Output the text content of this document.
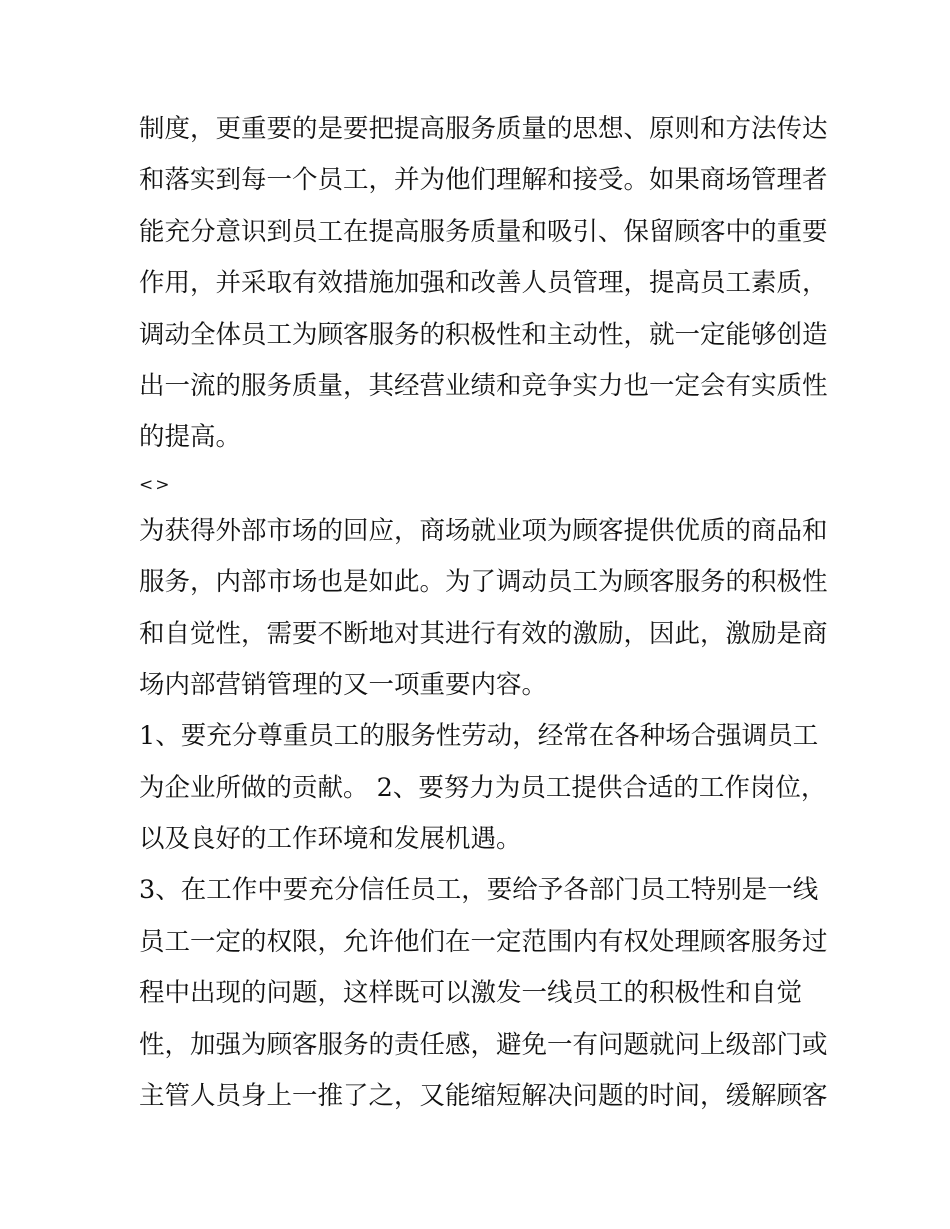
制度，更重要的是要把提高服务质量的思想、原则和方法传达
和落实到每一个员工，并为他们理解和接受。如果商场管理者
能充分意识到员工在提高服务质量和吸引、保留顾客中的重要
作用，并采取有效措施加强和改善人员管理，提高员工素质，
调动全体员工为顾客服务的积极性和主动性，就一定能够创造
出一流的服务质量，其经营业绩和竞争实力也一定会有实质性
的提高。
<>
为获得外部市场的回应，商场就业项为顾客提供优质的商品和
服务，内部市场也是如此。为了调动员工为顾客服务的积极性
和自觉性，需要不断地对其进行有效的激励，因此，激励是商
场内部营销管理的又一项重要内容。
1、要充分尊重员工的服务性劳动，经常在各种场合强调员工
为企业所做的贡献。 2、要努力为员工提供合适的工作岗位，
以及良好的工作环境和发展机遇。
3、在工作中要充分信任员工，要给予各部门员工特别是一线
员工一定的权限，允许他们在一定范围内有权处理顾客服务过
程中出现的问题，这样既可以激发一线员工的积极性和自觉
性，加强为顾客服务的责任感，避免一有问题就问上级部门或
主管人员身上一推了之，又能缩短解决问题的时间，缓解顾客
